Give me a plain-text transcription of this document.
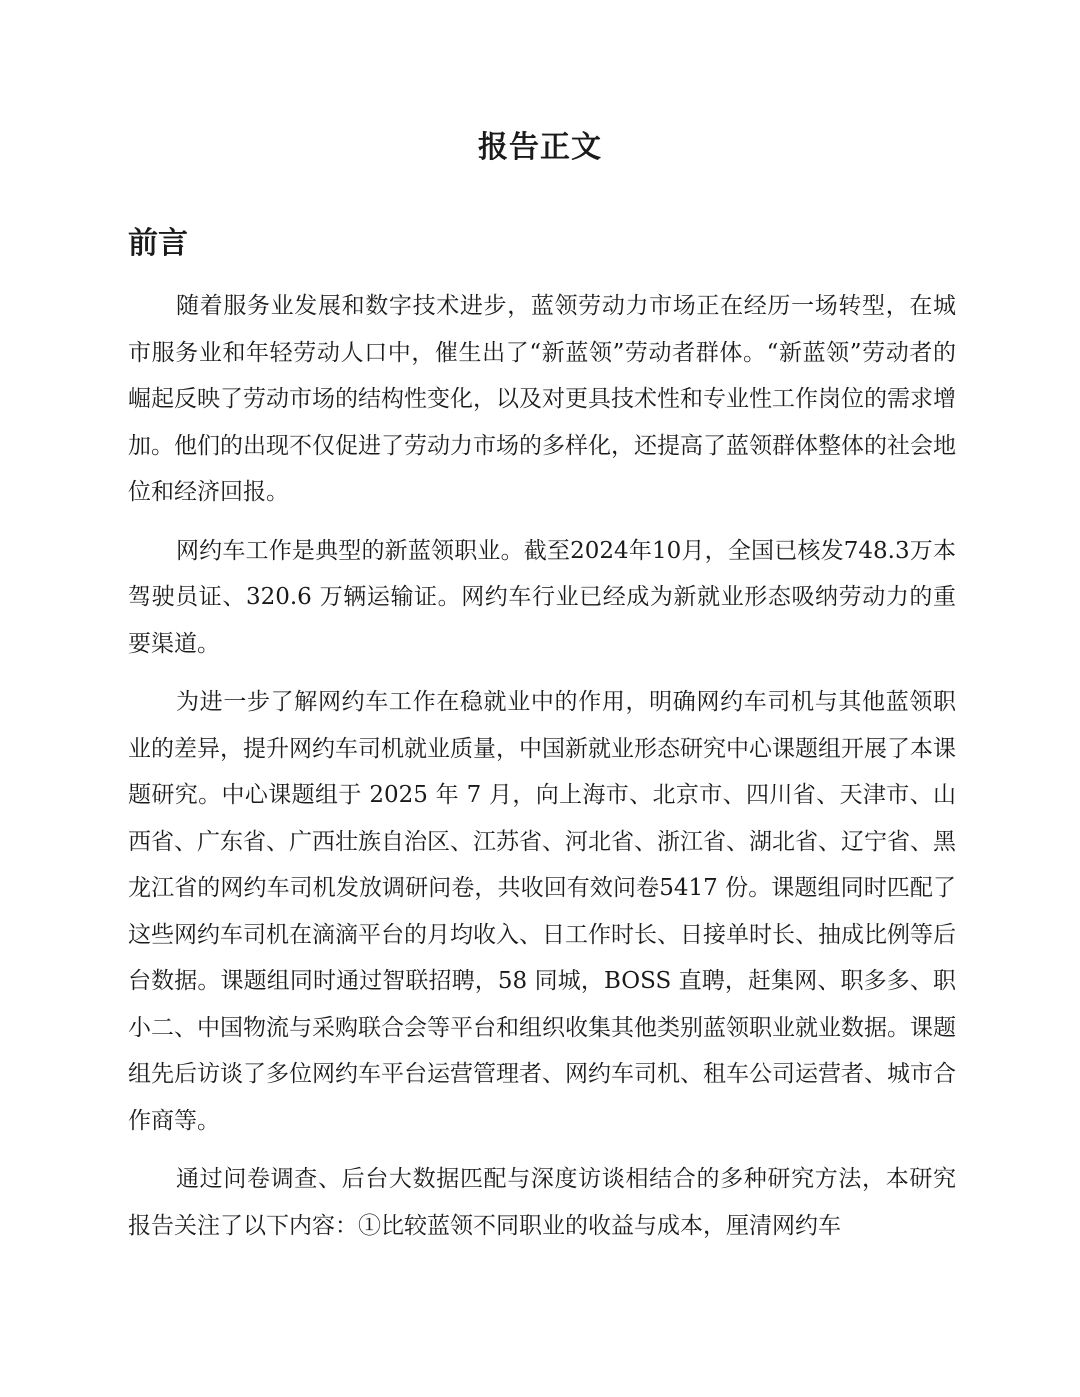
报告正文
前言

随着服务业发展和数字技术进步，蓝领劳动力市场正在经历一场转型，在城市服务业和年轻劳动人口中，催生出了“新蓝领”劳动者群体。“新蓝领”劳动者的崛起反映了劳动市场的结构性变化，以及对更具技术性和专业性工作岗位的需求增加。他们的出现不仅促进了劳动力市场的多样化，还提高了蓝领群体整体的社会地位和经济回报。

网约车工作是典型的新蓝领职业。截至2024年10月，全国已核发748.3万本驾驶员证、320.6 万辆运输证。网约车行业已经成为新就业形态吸纳劳动力的重要渠道。

为进一步了解网约车工作在稳就业中的作用，明确网约车司机与其他蓝领职业的差异，提升网约车司机就业质量，中国新就业形态研究中心课题组开展了本课题研究。中心课题组于 2025 年 7 月，向上海市、北京市、四川省、天津市、山西省、广东省、广西壮族自治区、江苏省、河北省、浙江省、湖北省、辽宁省、黑龙江省的网约车司机发放调研问卷，共收回有效问卷5417 份。课题组同时匹配了这些网约车司机在滴滴平台的月均收入、日工作时长、日接单时长、抽成比例等后台数据。课题组同时通过智联招聘，58 同城，BOSS 直聘，赶集网、职多多、职小二、中国物流与采购联合会等平台和组织收集其他类别蓝领职业就业数据。课题组先后访谈了多位网约车平台运营管理者、网约车司机、租车公司运营者、城市合作商等。

通过问卷调查、后台大数据匹配与深度访谈相结合的多种研究方法，本研究报告关注了以下内容：①比较蓝领不同职业的收益与成本，厘清网约车
